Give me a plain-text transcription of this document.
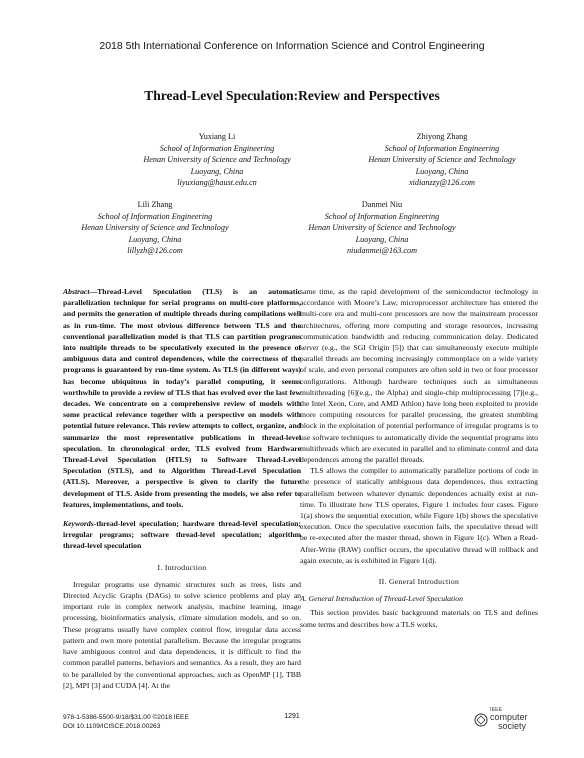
2018 5th International Conference on Information Science and Control Engineering
Thread-Level Speculation:Review and Perspectives
Yuxiang Li
School of Information Engineering
Henan University of Science and Technology
Luoyang, China
liyuxiang@haust.edu.cn
Zhiyong Zhang
School of Information Engineering
Henan University of Science and Technology
Luoyang, China
xidianzzy@126.com
Lili Zhang
School of Information Engineering
Henan University of Science and Technology
Luoyang, China
lillyzh@126.com
Danmei Niu
School of Information Engineering
Henan University of Science and Technology
Luoyang, China
niudanmei@163.com

Abstract—Thread-Level Speculation (TLS) is an automatic parallelization technique for serial programs on multi-core platforms, and permits the generation of multiple threads during compilations well as in run-time. The most obvious difference between TLS and the conventional parallelization model is that TLS can partition programs into multiple threads to be speculatively executed in the presence of ambiguous data and control dependences, while the correctness of the programs is guaranteed by run-time system. As TLS (in different ways) has become ubiquitous in today’s parallel computing, it seems worthwhile to provide a review of TLS that has evolved over the last few decades. We concentrate on a comprehensive review of models with some practical relevance together with a perspective on models with potential future relevance. This review attempts to collect, organize, and summarize the most representative publications in thread-level speculation. In chronological order, TLS evolved from Hardware Thread-Level Speculation (HTLS) to Software Thread-Level Speculation (STLS), and to Algorithm Thread-Level Speculation (ATLS). Moreover, a perspective is given to clarify the future development of TLS. Aside from presenting the models, we also refer to features, implementations, and tools.

Keywords-thread-level speculation; hardware thread-level speculation; irregular programs; software thread-level speculation; algorithm thread-level speculation

I. Introduction

Irregular programs use dynamic structures such as trees, lists and Directed Acyclic Graphs (DAGs) to solve science problems and play an important role in complex network analysis, machine learning, image processing, bioinformatics analysis, climate simulation models, and so on. These programs usually have complex control flow, irregular data access pattern and own more potential parallelism. Because the irregular programs have ambiguous control and data dependences, it is difficult to find the common parallel patterns, behaviors and semantics. As a result, they are hard to be paralleled by the conventional approaches, such as OpenMP [1], TBB [2], MPI [3] and CUDA [4]. At the

same time, as the rapid development of the semiconductor technology in accordance with Moore’s Law, microprocessor architecture has entered the multi-core era and multi-core processors are now the mainstream processor architectures, offering more computing and storage resources, increasing communication bandwidth and reducing communication delay. Dedicated server (e.g., the SGI Origin [5]) that can simultaneously execute multiple parallel threads are becoming increasingly commonplace on a wide variety of scale, and even personal computers are often sold in two or four processor configurations. Although hardware techniques such as simultaneous multithreading [6](e.g., the Alpha) and single-chip multiprocessing [7](e.g., the Intel Xeon, Core, and AMD Athlon) have long been exploited to provide more computing resources for parallel processing, the greatest stumbling block in the exploitation of potential performance of irregular programs is to use software techniques to automatically divide the sequential programs into multithreads which are executed in parallel and to eliminate control and data dependences among the parallel threads.

TLS allows the compiler to automatically parallelize portions of code in the presence of statically ambiguous data dependences, thus extracting parallelism between whatever dynamic dependences actually exist at run-time. To illustrate how TLS operates, Figure 1 includes four cases. Figure 1(a) shows the sequential execution, while Figure 1(b) shows the speculative execution. Once the speculative execution fails, the speculative thread will be re-executed after the master thread, shown in Figure 1(c). When a Read-After-Write (RAW) conflict occurs, the speculative thread will rollback and again execute, as is exhibited in Figure 1(d).

II. General Introduction
A. General Introduction of Thread-Level Speculation

This section provides basic background materials on TLS and defines some terms and describes how a TLS works,

978-1-5386-5500-9/18/$31.00 ©2018 IEEE
DOI 10.1109/ICISCE.2018.00263
1291
IEEE
computer
society
